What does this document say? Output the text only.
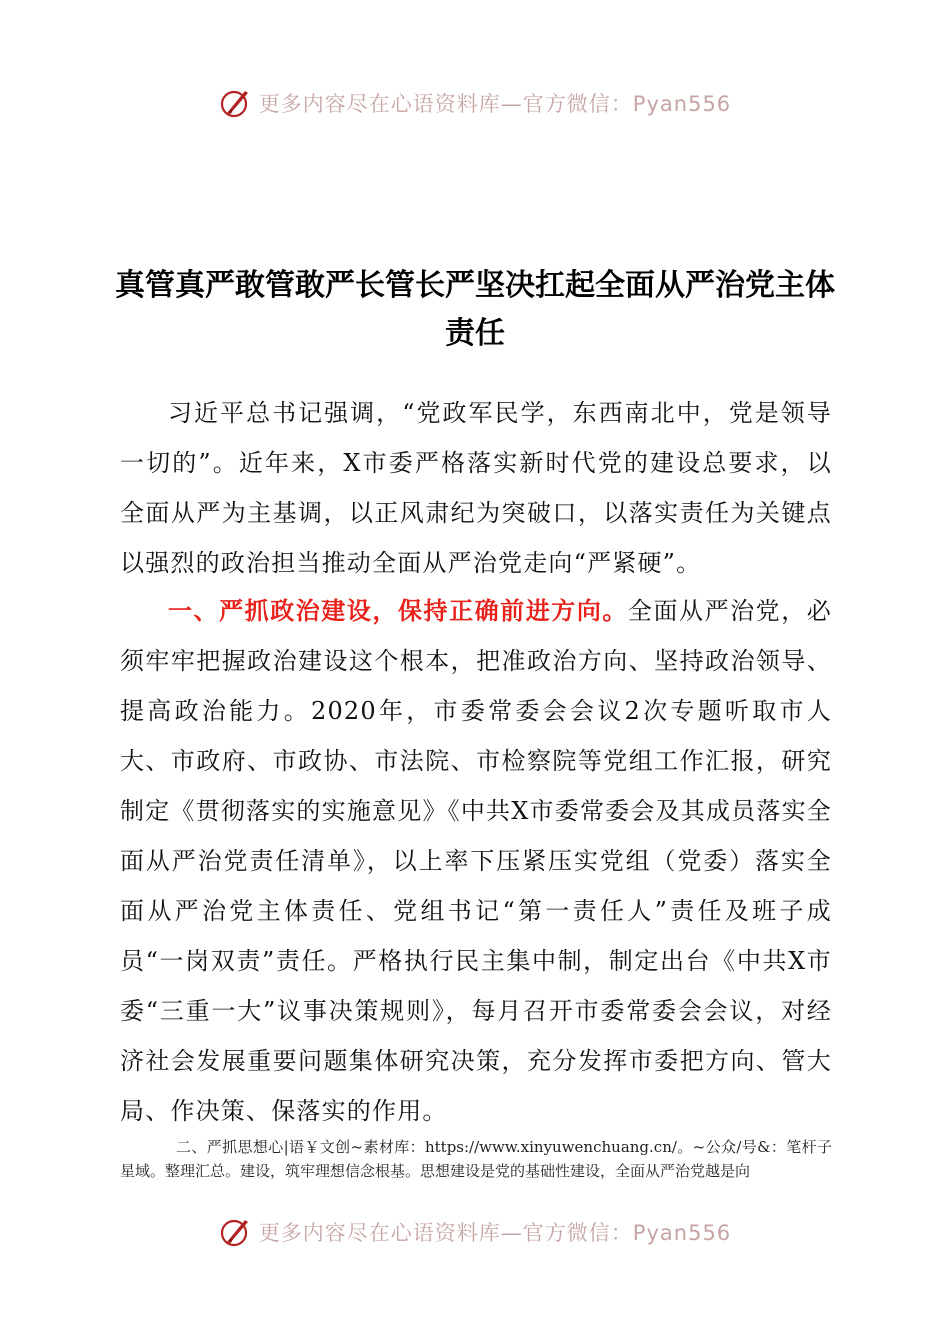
更多内容尽在心语资料库—官方微信：Pyan556
真管真严敢管敢严长管长严坚决扛起全面从严治党主体责任

习近平总书记强调，“党政军民学，东西南北中，党是领导一切的”。近年来，X市委严格落实新时代党的建设总要求，以全面从严为主基调，以正风肃纪为突破口，以落实责任为关键点以强烈的政治担当推动全面从严治党走向“严紧硬”。

一、严抓政治建设，保持正确前进方向。全面从严治党，必须牢牢把握政治建设这个根本，把准政治方向、坚持政治领导、提高政治能力。2020年，市委常委会会议2次专题听取市人大、市政府、市政协、市法院、市检察院等党组工作汇报，研究制定《贯彻落实的实施意见》《中共X市委常委会及其成员落实全面从严治党责任清单》，以上率下压紧压实党组（党委）落实全面从严治党主体责任、党组书记“第一责任人”责任及班子成员“一岗双责”责任。严格执行民主集中制，制定出台《中共X市委“三重一大”议事决策规则》，每月召开市委常委会会议，对经济社会发展重要问题集体研究决策，充分发挥市委把方向、管大局、作决策、保落实的作用。

二、严抓思想心|语￥文创~素材库：https://www.xinyuwenchuang.cn/。~公众/号&：笔杆子星域。整理汇总。建设，筑牢理想信念根基。思想建设是党的基础性建设，全面从严治党越是向

更多内容尽在心语资料库—官方微信：Pyan556
